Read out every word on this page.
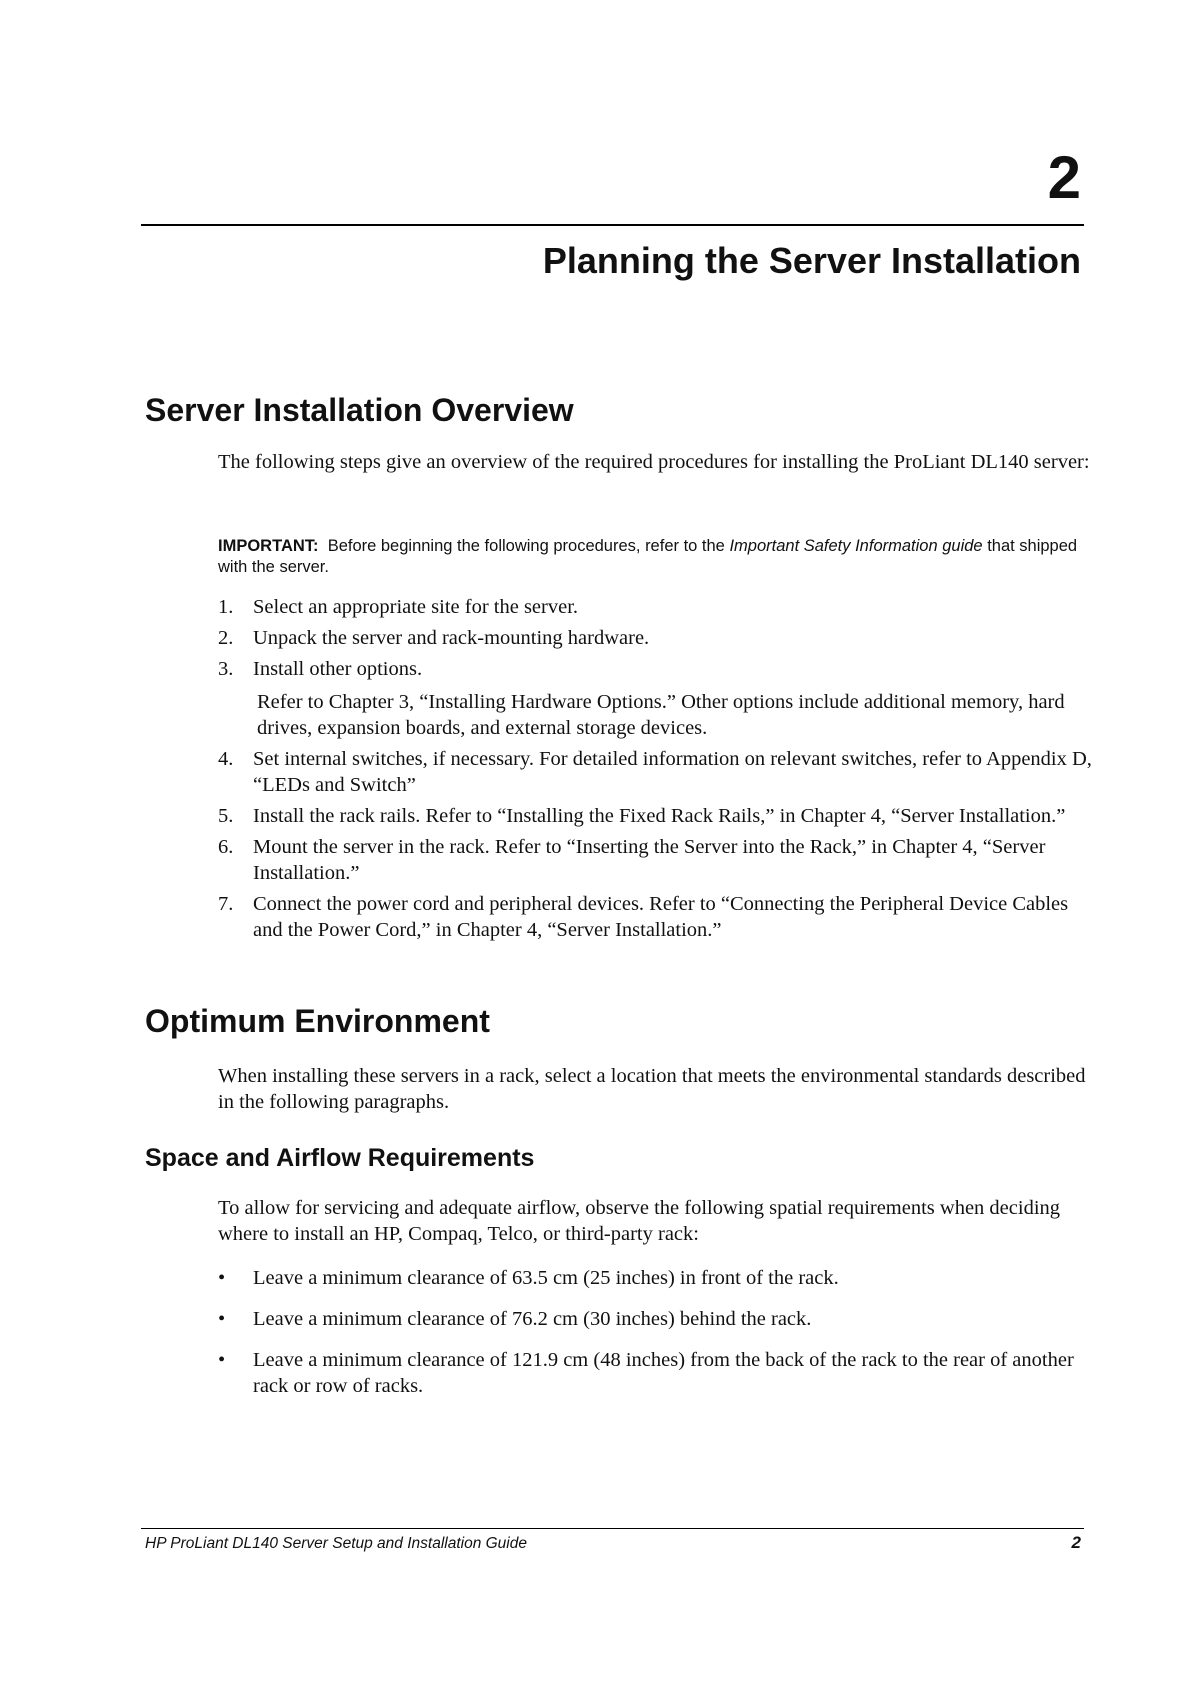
2
Planning the Server Installation
Server Installation Overview

The following steps give an overview of the required procedures for installing the ProLiant DL140 server:

IMPORTANT: Before beginning the following procedures, refer to the Important Safety Information guide that shipped with the server.

1. Select an appropriate site for the server.
2. Unpack the server and rack-mounting hardware.
3. Install other options.
Refer to Chapter 3, “Installing Hardware Options.” Other options include additional memory, hard drives, expansion boards, and external storage devices.
4. Set internal switches, if necessary. For detailed information on relevant switches, refer to Appendix D, “LEDs and Switch”
5. Install the rack rails. Refer to “Installing the Fixed Rack Rails,” in Chapter 4, “Server Installation.”
6. Mount the server in the rack. Refer to “Inserting the Server into the Rack,” in Chapter 4, “Server Installation.”
7. Connect the power cord and peripheral devices. Refer to “Connecting the Peripheral Device Cables and the Power Cord,” in Chapter 4, “Server Installation.”
Optimum Environment

When installing these servers in a rack, select a location that meets the environmental standards described in the following paragraphs.

Space and Airflow Requirements

To allow for servicing and adequate airflow, observe the following spatial requirements when deciding where to install an HP, Compaq, Telco, or third-party rack:

• Leave a minimum clearance of 63.5 cm (25 inches) in front of the rack.
• Leave a minimum clearance of 76.2 cm (30 inches) behind the rack.
• Leave a minimum clearance of 121.9 cm (48 inches) from the back of the rack to the rear of another rack or row of racks.
HP ProLiant DL140 Server Setup and Installation Guide	2
